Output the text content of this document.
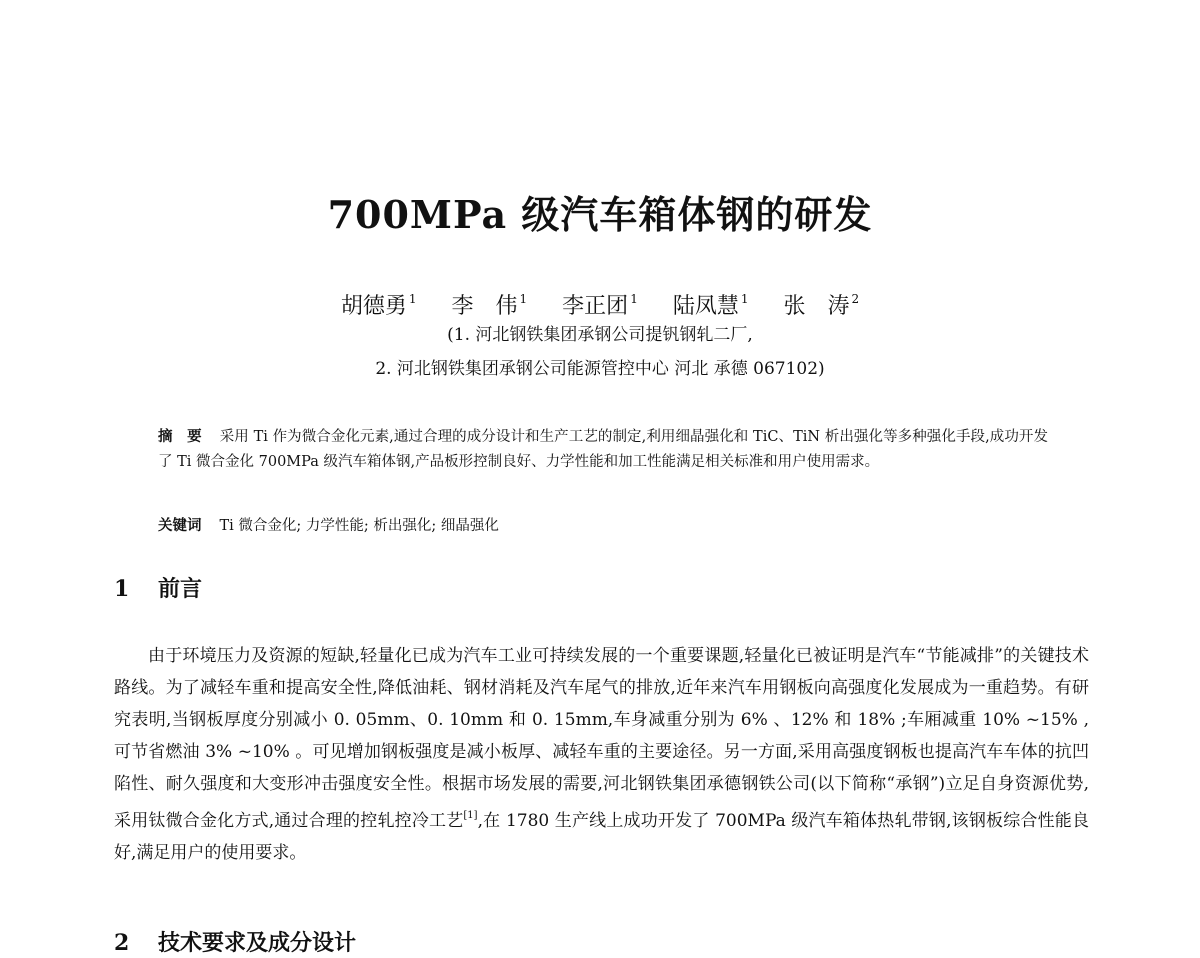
700MPa 级汽车箱体钢的研发
胡德勇 $^1$ 李　伟 $^1$ 李正团 $^1$ 陆凤慧 $^1$ 张　涛 $^2$
(1. 河北钢铁集团承钢公司提钒钢轧二厂,
2. 河北钢铁集团承钢公司能源管控中心 河北 承德 067102)
摘　要 采用 Ti 作为微合金化元素,通过合理的成分设计和生产工艺的制定,利用细晶强化和 TiC、TiN 析出强化等多种强化手段,成功开发了 Ti 微合金化 700MPa 级汽车箱体钢,产品板形控制良好、力学性能和加工性能满足相关标准和用户使用需求。
关键词 Ti 微合金化; 力学性能; 析出强化; 细晶强化
1 前言
由于环境压力及资源的短缺,轻量化已成为汽车工业可持续发展的一个重要课题,轻量化已被证明是汽车“节能减排”的关键技术路线。为了减轻车重和提高安全性,降低油耗、钢材消耗及汽车尾气的排放,近年来汽车用钢板向高强度化发展成为一重趋势。有研究表明,当钢板厚度分别减小 0. 05mm、0. 10mm 和 0. 15mm,车身减重分别为 6% 、12% 和 18% ;车厢减重 10% ~15% ,可节省燃油 3% ~10% 。可见增加钢板强度是减小板厚、减轻车重的主要途径。另一方面,采用高强度钢板也提高汽车车体的抗凹陷性、耐久强度和大变形冲击强度安全性。根据市场发展的需要,河北钢铁集团承德钢铁公司(以下简称“承钢”)立足自身资源优势,采用钛微合金化方式,通过合理的控轧控冷工艺[1],在 1780 生产线上成功开发了 700MPa 级汽车箱体热轧带钢,该钢板综合性能良好,满足用户的使用要求。
2 技术要求及成分设计
